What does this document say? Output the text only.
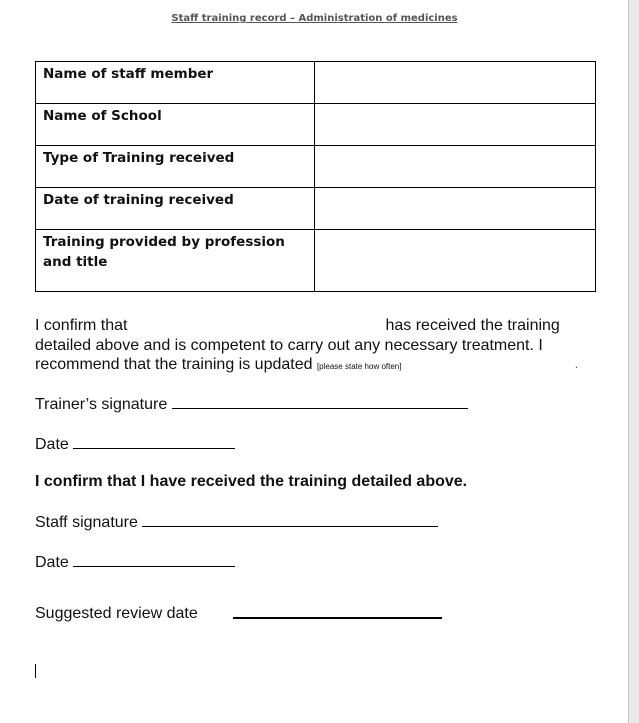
Staff training record – Administration of medicines
Name of staff member	
Name of School	
Type of Training received	
Date of training received	
Training provided by profession and title	
I confirm that	has received the training detailed above and is competent to carry out any necessary treatment. I recommend that the training is updated [please state how often]	.
Trainer’s signature
Date
I confirm that I have received the training detailed above.
Staff signature
Date
Suggested review date
